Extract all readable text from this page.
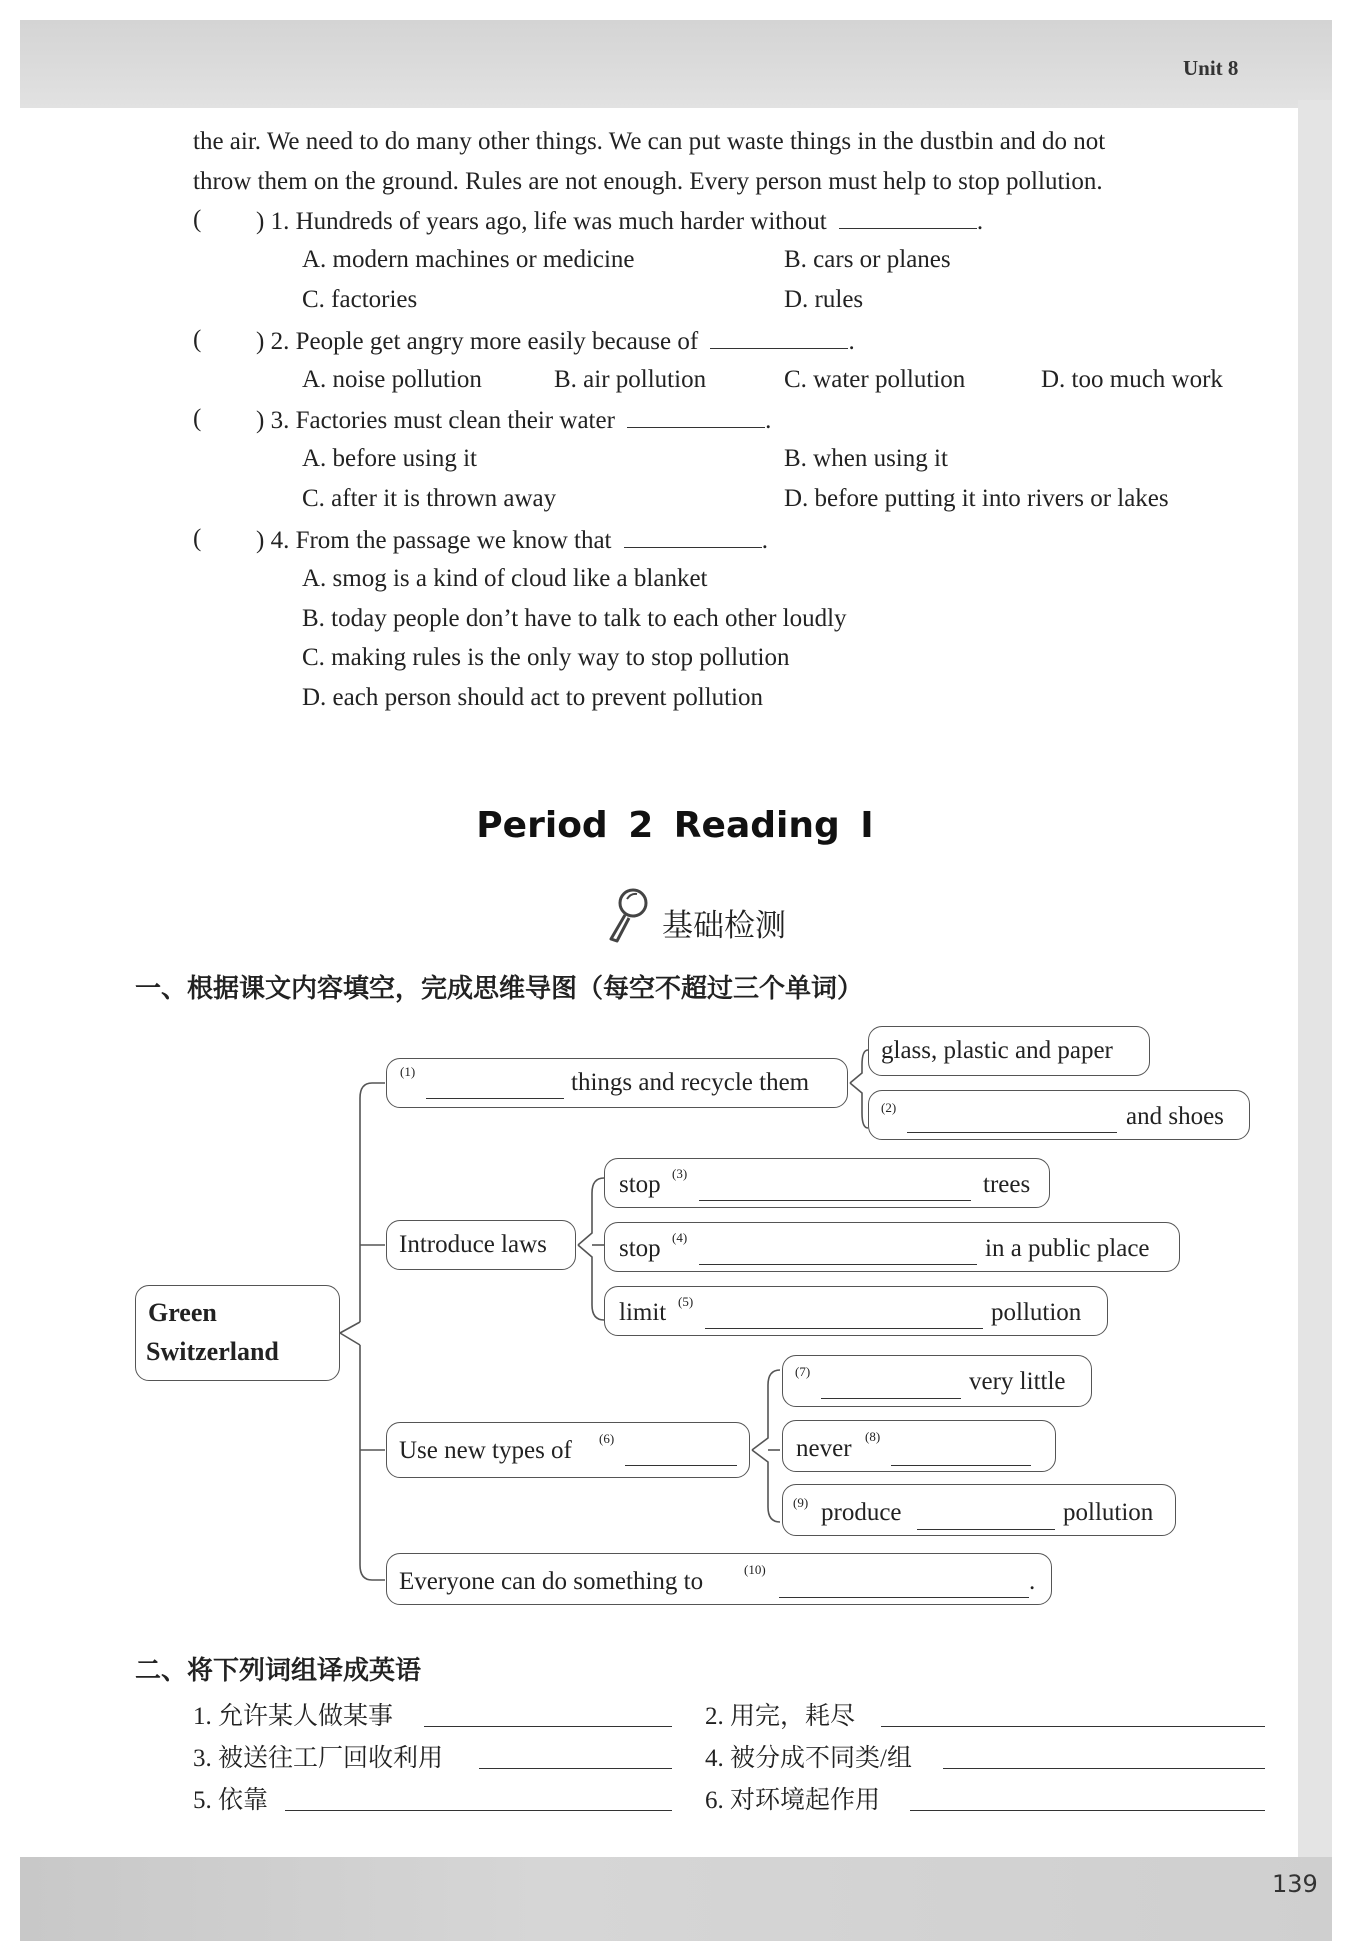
Unit 8
139
the air. We need to do many other things. We can put waste things in the dustbin and do not
throw them on the ground. Rules are not enough. Every person must help to stop pollution.
( ) 1. Hundreds of years ago, life was much harder without	.
A. modern machines or medicine	B. cars or planes
C. factories	D. rules
( ) 2. People get angry more easily because of	.
A. noise pollution	B. air pollution	C. water pollution	D. too much work
( ) 3. Factories must clean their water	.
A. before using it	B. when using it
C. after it is thrown away	D. before putting it into rivers or lakes
( ) 4. From the passage we know that	.
A. smog is a kind of cloud like a blanket
B. today people don’t have to talk to each other loudly
C. making rules is the only way to stop pollution
D. each person should act to prevent pollution
Period 2 Reading I
基础检测
一、根据课文内容填空，完成思维导图（每空不超过三个单词）
Green
Switzerland
(1)	things and recycle them
glass, plastic and paper
(2)	and shoes
Introduce laws
stop (3)	trees
stop (4)	in a public place
limit (5)	pollution
Use new types of (6)
(7)	very little
never (8)
(9) produce	pollution
Everyone can do something to	(10)	.
二、将下列词组译成英语
1. 允许某人做某事	2. 用完，耗尽
3. 被送往工厂回收利用	4. 被分成不同类/组
5. 依靠	6. 对环境起作用
